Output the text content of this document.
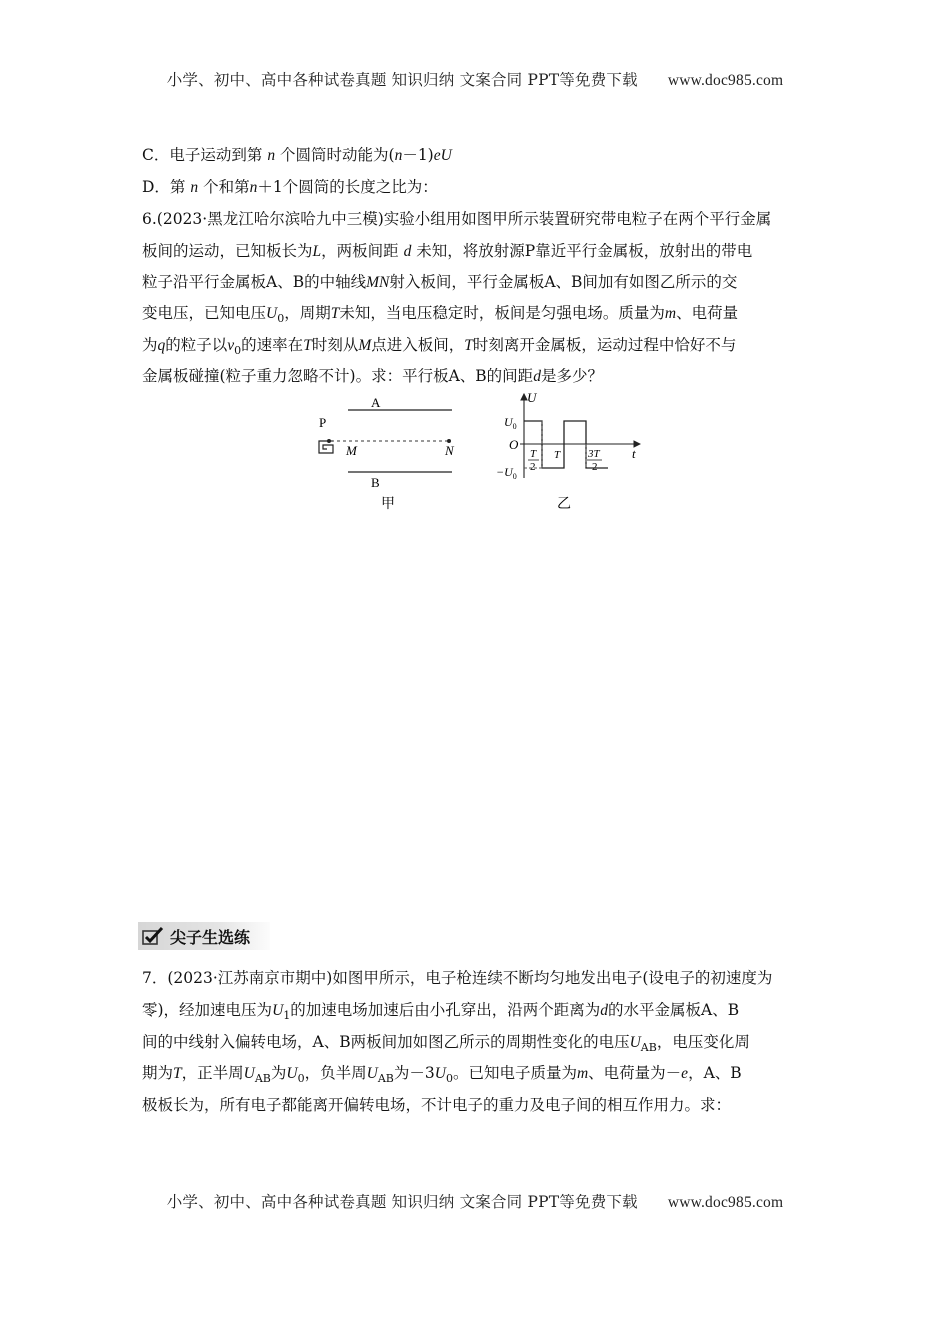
小学、初中、高中各种试卷真题 知识归纳 文案合同 PPT等免费下载 www.doc985.com
C．电子运动到第 n 个圆筒时动能为(n－1)eU
D．第 n 个和第n＋1个圆筒的长度之比为：
6.(2023·黑龙江哈尔滨哈九中三模)实验小组用如图甲所示装置研究带电粒子在两个平行金属
板间的运动，已知板长为L，两板间距 d 未知，将放射源P靠近平行金属板，放射出的带电
粒子沿平行金属板A、B的中轴线MN射入板间，平行金属板A、B间加有如图乙所示的交
变电压，已知电压$U_0$，周期T未知，当电压稳定时，板间是匀强电场。质量为m、电荷量
为q的粒子以$v_0$的速率在T时刻从M点进入板间，T时刻离开金属板，运动过程中恰好不与
金属板碰撞(粒子重力忽略不计)。求：平行板A、B的间距d是多少？
A
B
P
M	N
甲
U
t
O
$U_0$
$-U_0$
T
2
T	3T
2
乙
尖子生选练
7．(2023·江苏南京市期中)如图甲所示，电子枪连续不断均匀地发出电子(设电子的初速度为
零)，经加速电压为$U_1$的加速电场加速后由小孔穿出，沿两个距离为d的水平金属板A、B
间的中线射入偏转电场，A、B两板间加如图乙所示的周期性变化的电压$U_{AB}$，电压变化周
期为T，正半周$U_{AB}$为$U_0$，负半周$U_{AB}$为$-3U_0$。已知电子质量为m、电荷量为－e，A、B
极板长为，所有电子都能离开偏转电场，不计电子的重力及电子间的相互作用力。求：
小学、初中、高中各种试卷真题 知识归纳 文案合同 PPT等免费下载 www.doc985.com
